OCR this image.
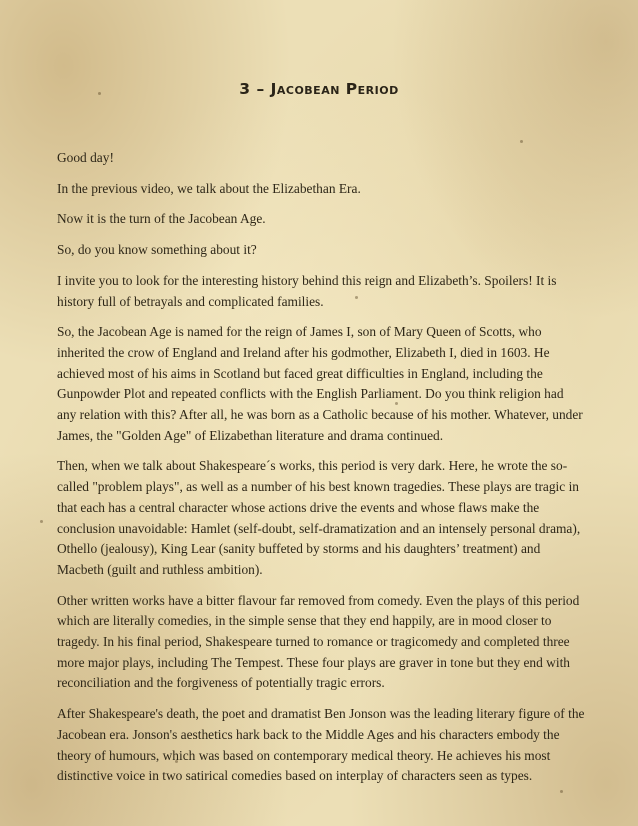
3 – Jacobean Period

Good day!

In the previous video, we talk about the Elizabethan Era.

Now it is the turn of the Jacobean Age.

So, do you know something about it?

I invite you to look for the interesting history behind this reign and Elizabeth’s. Spoilers! It is history full of betrayals and complicated families.

So, the Jacobean Age is named for the reign of James I, son of Mary Queen of Scotts, who inherited the crow of England and Ireland after his godmother, Elizabeth I, died in 1603. He achieved most of his aims in Scotland but faced great difficulties in England, including the Gunpowder Plot and repeated conflicts with the English Parliament. Do you think religion had any relation with this? After all, he was born as a Catholic because of his mother. Whatever, under James, the "Golden Age" of Elizabethan literature and drama continued.

Then, when we talk about Shakespeare´s works, this period is very dark. Here, he wrote the so-called "problem plays", as well as a number of his best known tragedies. These plays are tragic in that each has a central character whose actions drive the events and whose flaws make the conclusion unavoidable: Hamlet (self-doubt, self-dramatization and an intensely personal drama), Othello (jealousy), King Lear (sanity buffeted by storms and his daughters’ treatment) and Macbeth (guilt and ruthless ambition).

Other written works have a bitter flavour far removed from comedy. Even the plays of this period which are literally comedies, in the simple sense that they end happily, are in mood closer to tragedy. In his final period, Shakespeare turned to romance or tragicomedy and completed three more major plays, including The Tempest. These four plays are graver in tone but they end with reconciliation and the forgiveness of potentially tragic errors.

After Shakespeare's death, the poet and dramatist Ben Jonson was the leading literary figure of the Jacobean era. Jonson's aesthetics hark back to the Middle Ages and his characters embody the theory of humours, which was based on contemporary medical theory. He achieves his most distinctive voice in two satirical comedies based on interplay of characters seen as types.
